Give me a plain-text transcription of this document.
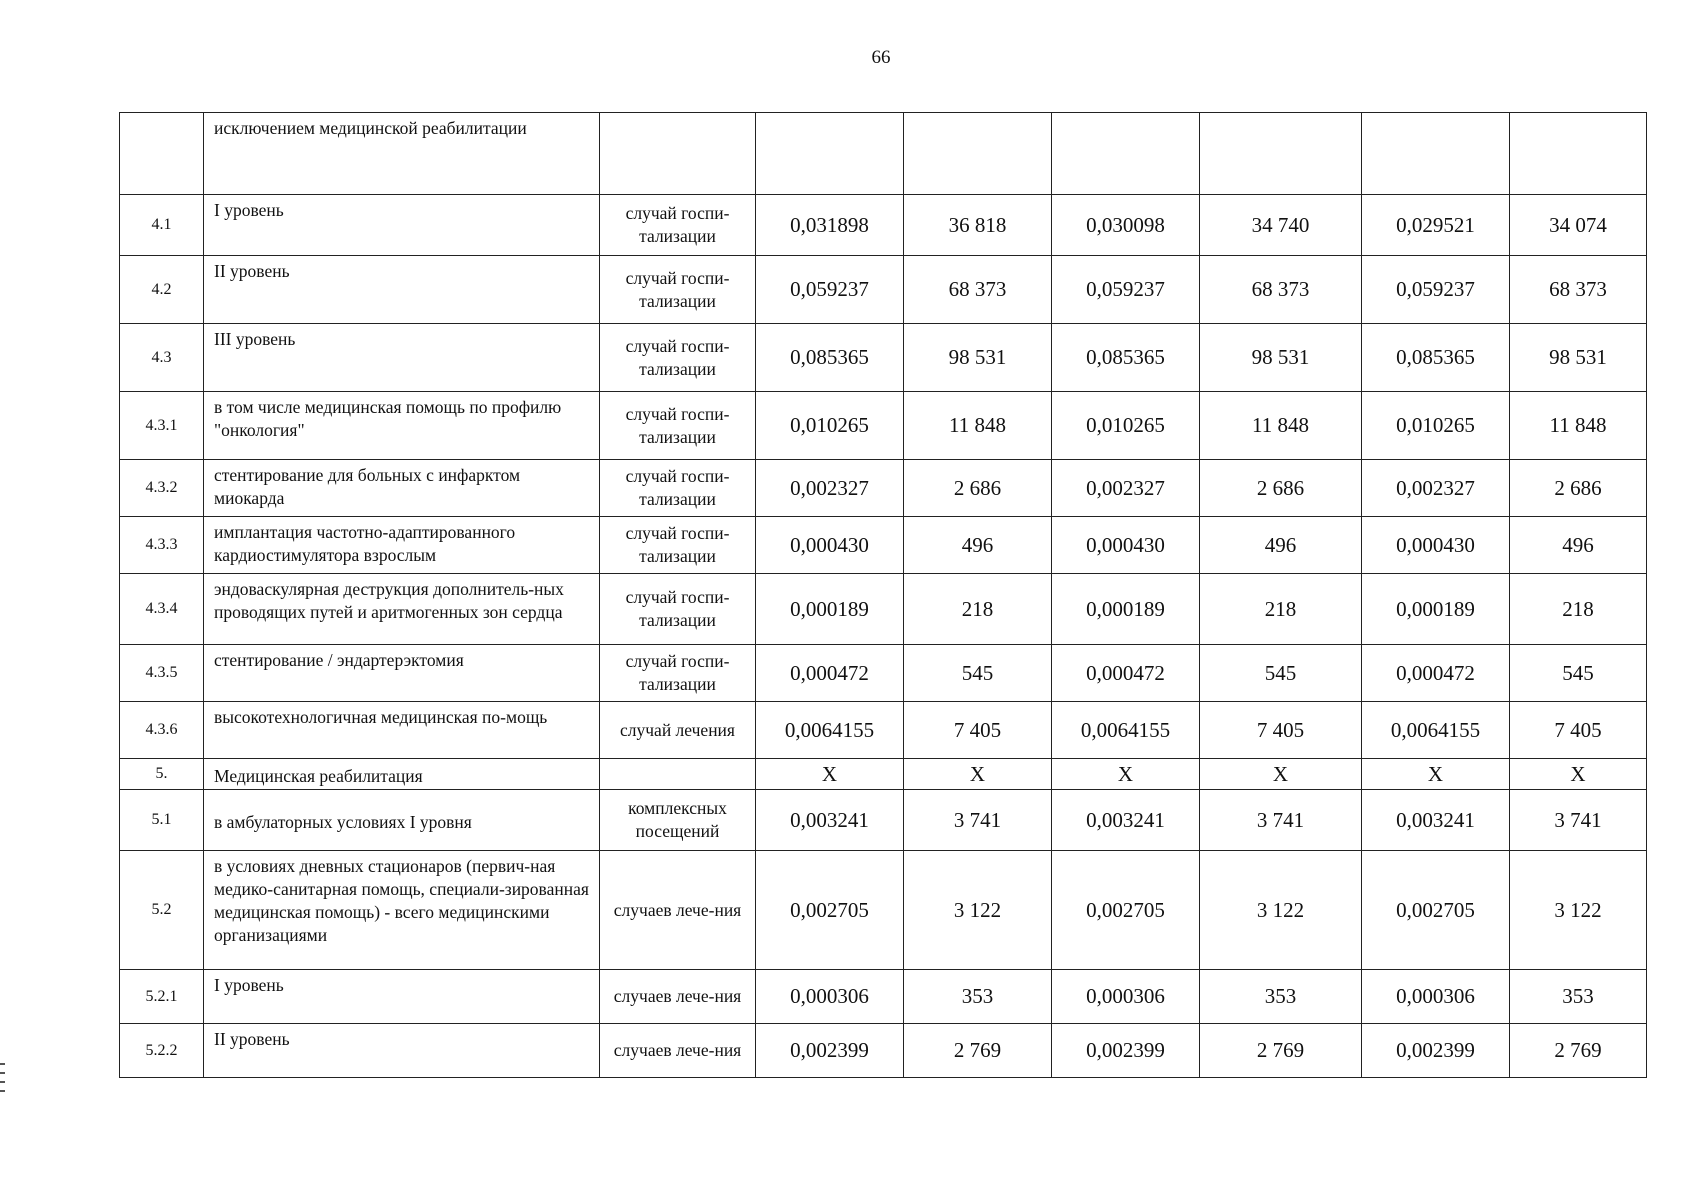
66
	исключением медицинской реабилитации							
4.1	I уровень	случай госпи-тализации	0,031898	36 818	0,030098	34 740	0,029521	34 074
4.2	II уровень	случай госпи-тализации	0,059237	68 373	0,059237	68 373	0,059237	68 373
4.3	III уровень	случай госпи-тализации	0,085365	98 531	0,085365	98 531	0,085365	98 531
4.3.1	в том числе медицинская помощь по профилю "онкология"	случай госпи-тализации	0,010265	11 848	0,010265	11 848	0,010265	11 848
4.3.2	стентирование для больных с инфарктом миокарда	случай госпи-тализации	0,002327	2 686	0,002327	2 686	0,002327	2 686
4.3.3	имплантация частотно-адаптированного кардиостимулятора взрослым	случай госпи-тализации	0,000430	496	0,000430	496	0,000430	496
4.3.4	эндоваскулярная деструкция дополнитель-ных проводящих путей и аритмогенных зон сердца	случай госпи-тализации	0,000189	218	0,000189	218	0,000189	218
4.3.5	стентирование / эндартерэктомия	случай госпи-тализации	0,000472	545	0,000472	545	0,000472	545
4.3.6	высокотехнологичная медицинская по-мощь	случай лечения	0,0064155	7 405	0,0064155	7 405	0,0064155	7 405
5.	Медицинская реабилитация		Х	Х	Х	Х	Х	Х
5.1	в амбулаторных условиях I уровня	комплексных посещений	0,003241	3 741	0,003241	3 741	0,003241	3 741
5.2	в условиях дневных стационаров (первич-ная медико-санитарная помощь, специали-зированная медицинская помощь) - всего медицинскими организациями	случаев лече-ния	0,002705	3 122	0,002705	3 122	0,002705	3 122
5.2.1	I уровень	случаев лече-ния	0,000306	353	0,000306	353	0,000306	353
5.2.2	II уровень	случаев лече-ния	0,002399	2 769	0,002399	2 769	0,002399	2 769
